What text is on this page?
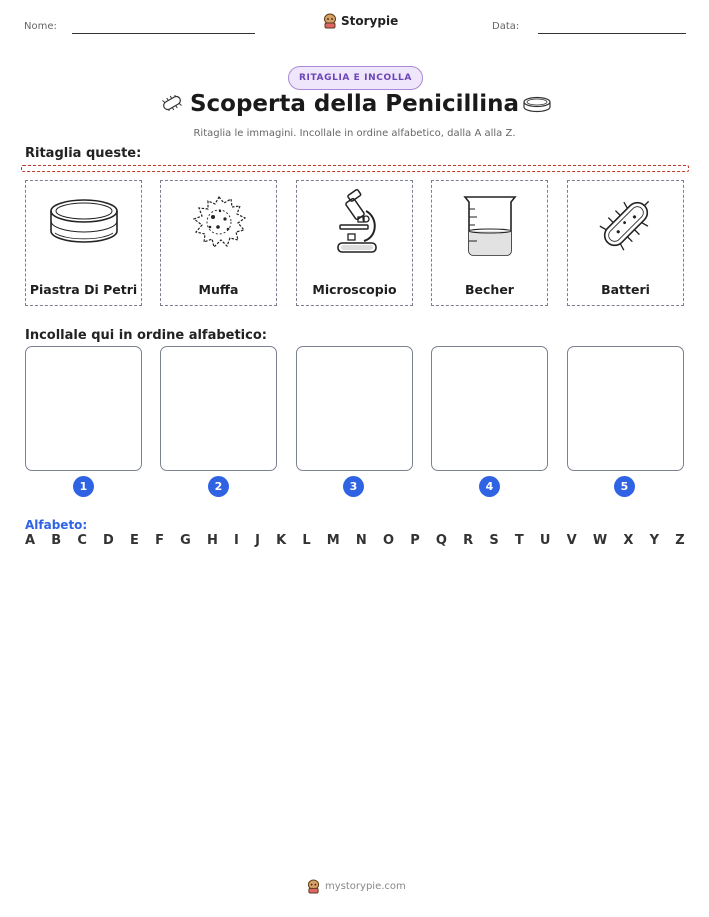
Nome:	Storypie	Data:
RITAGLIA E INCOLLA
Scoperta della Penicillina
Ritaglia le immagini. Incollale in ordine alfabetico, dalla A alla Z.
Ritaglia queste:
Piastra Di Petri	Muffa	Microscopio	Becher	Batteri
Incollale qui in ordine alfabetico:
1	2	3	4	5
Alfabeto:
A B C D E F G H I J K L M N O P Q R S T U V W X Y Z
mystorypie.com
